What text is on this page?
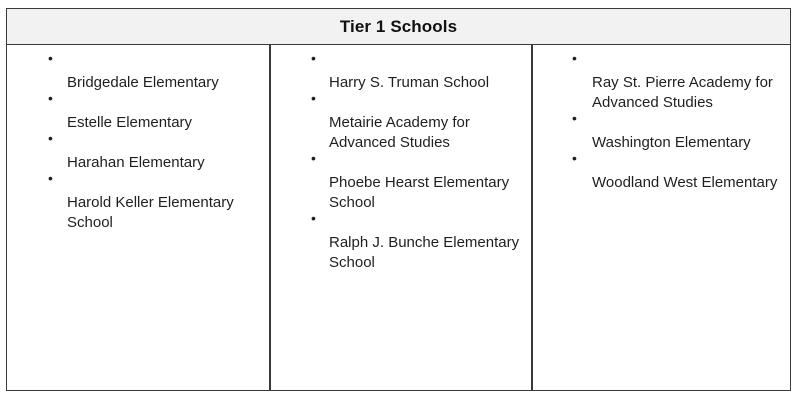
Tier 1 Schools
•
Bridgedale Elementary
•
Estelle Elementary
•
Harahan Elementary
•
Harold Keller Elementary School
•
Harry S. Truman School
•
Metairie Academy for Advanced Studies
•
Phoebe Hearst Elementary School
•
Ralph J. Bunche Elementary School
•
Ray St. Pierre Academy for Advanced Studies
•
Washington Elementary
•
Woodland West Elementary
